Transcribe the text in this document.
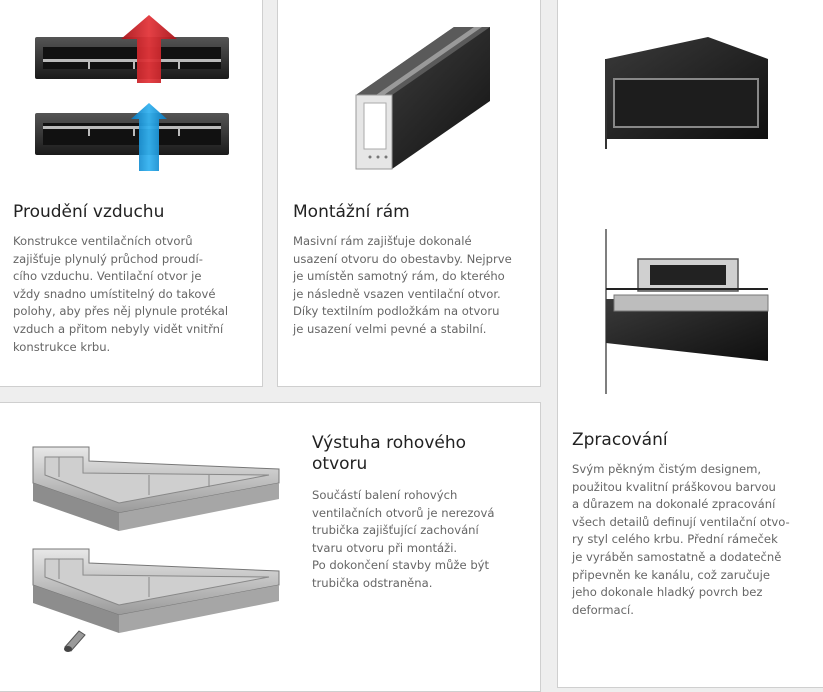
Proudění vzduchu

Konstrukce ventilačních otvorů
zajišťuje plynulý průchod proudí-
cího vzduchu. Ventilační otvor je
vždy snadno umístitelný do takové
polohy, aby přes něj plynule protékal
vzduch a přitom nebyly vidět vnitřní
konstrukce krbu.

Montážní rám

Masivní rám zajišťuje dokonalé
usazení otvoru do obestavby. Nejprve
je umístěn samotný rám, do kterého
je následně vsazen ventilační otvor.
Díky textilním podložkám na otvoru
je usazení velmi pevné a stabilní.

Zpracování

Svým pěkným čistým designem,
použitou kvalitní práškovou barvou
a důrazem na dokonalé zpracování
všech detailů definují ventilační otvo-
ry styl celého krbu. Přední rámeček
je vyráběn samostatně a dodatečně
připevněn ke kanálu, což zaručuje
jeho dokonale hladký povrch bez
deformací.

Výstuha rohového
otvoru

Součástí balení rohových
ventilačních otvorů je nerezová
trubička zajišťující zachování
tvaru otvoru při montáži.
Po dokončení stavby může být
trubička odstraněna.
